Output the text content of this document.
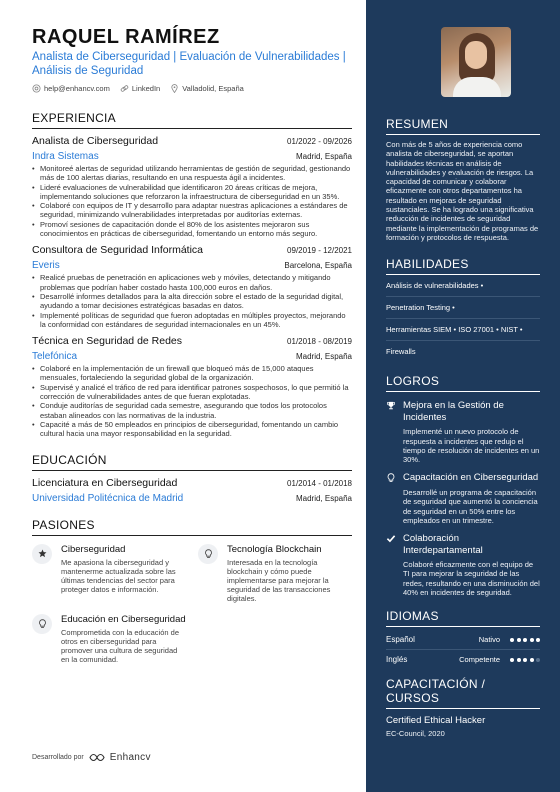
RAQUEL RAMÍREZ
Analista de Ciberseguridad | Evaluación de Vulnerabilidades | Análisis de Seguridad
help@enhancv.com	LinkedIn	Valladolid, España
EXPERIENCIA
Analista de Ciberseguridad	01/2022 - 09/2026
Indra Sistemas	Madrid, España
• Monitoreé alertas de seguridad utilizando herramientas de gestión de seguridad, gestionando más de 100 alertas diarias, resultando en una respuesta ágil a incidentes.
• Lideré evaluaciones de vulnerabilidad que identificaron 20 áreas críticas de mejora, implementando soluciones que reforzaron la infraestructura de ciberseguridad en un 35%.
• Colaboré con equipos de IT y desarrollo para adaptar nuestras aplicaciones a estándares de seguridad, minimizando vulnerabilidades interpretadas por auditorías externas.
• Promoví sesiones de capacitación donde el 80% de los asistentes mejoraron sus conocimientos en prácticas de ciberseguridad, fomentando un entorno más seguro.
Consultora de Seguridad Informática	09/2019 - 12/2021
Everis	Barcelona, España
• Realicé pruebas de penetración en aplicaciones web y móviles, detectando y mitigando problemas que podrían haber costado hasta 100,000 euros en daños.
• Desarrollé informes detallados para la alta dirección sobre el estado de la seguridad digital, ayudando a tomar decisiones estratégicas basadas en datos.
• Implementé políticas de seguridad que fueron adoptadas en múltiples proyectos, mejorando la conformidad con estándares de seguridad internacionales en un 45%.
Técnica en Seguridad de Redes	01/2018 - 08/2019
Telefónica	Madrid, España
• Colaboré en la implementación de un firewall que bloqueó más de 15,000 ataques mensuales, fortaleciendo la seguridad global de la organización.
• Supervisé y analicé el tráfico de red para identificar patrones sospechosos, lo que permitió la corrección de vulnerabilidades antes de que fueran explotadas.
• Conduje auditorías de seguridad cada semestre, asegurando que todos los protocolos estaban alineados con las normativas de la industria.
• Capacité a más de 50 empleados en principios de ciberseguridad, fomentando un cambio cultural hacia una mayor responsabilidad en la seguridad.
EDUCACIÓN
Licenciatura en Ciberseguridad	01/2014 - 01/2018
Universidad Politécnica de Madrid	Madrid, España
PASIONES
Ciberseguridad
Me apasiona la ciberseguridad y mantenerme actualizada sobre las últimas tendencias del sector para proteger datos e información.
Tecnología Blockchain
Interesada en la tecnología blockchain y cómo puede implementarse para mejorar la seguridad de las transacciones digitales.
Educación en Ciberseguridad
Comprometida con la educación de otros en ciberseguridad para promover una cultura de seguridad en la comunidad.
Desarrollado por	Enhancv
RESUMEN
Con más de 5 años de experiencia como analista de ciberseguridad, se aportan habilidades técnicas en análisis de vulnerabilidades y evaluación de riesgos. La capacidad de comunicar y colaborar eficazmente con otros departamentos ha resultado en mejoras de seguridad sustanciales. Se ha logrado una significativa reducción de incidentes de seguridad mediante la implementación de programas de formación y protocolos de respuesta.
HABILIDADES
Análisis de vulnerabilidades •
Penetration Testing •
Herramientas SIEM • ISO 27001 • NIST •
Firewalls
LOGROS
Mejora en la Gestión de Incidentes
Implementé un nuevo protocolo de respuesta a incidentes que redujo el tiempo de resolución de incidentes en un 30%.
Capacitación en Ciberseguridad
Desarrollé un programa de capacitación de seguridad que aumentó la conciencia de seguridad en un 50% entre los empleados en un trimestre.
Colaboración Interdepartamental
Colaboré eficazmente con el equipo de TI para mejorar la seguridad de las redes, resultando en una disminución del 40% en incidentes de seguridad.
IDIOMAS
Español	Nativo
Inglés	Competente
CAPACITACIÓN / CURSOS
Certified Ethical Hacker
EC-Council, 2020
